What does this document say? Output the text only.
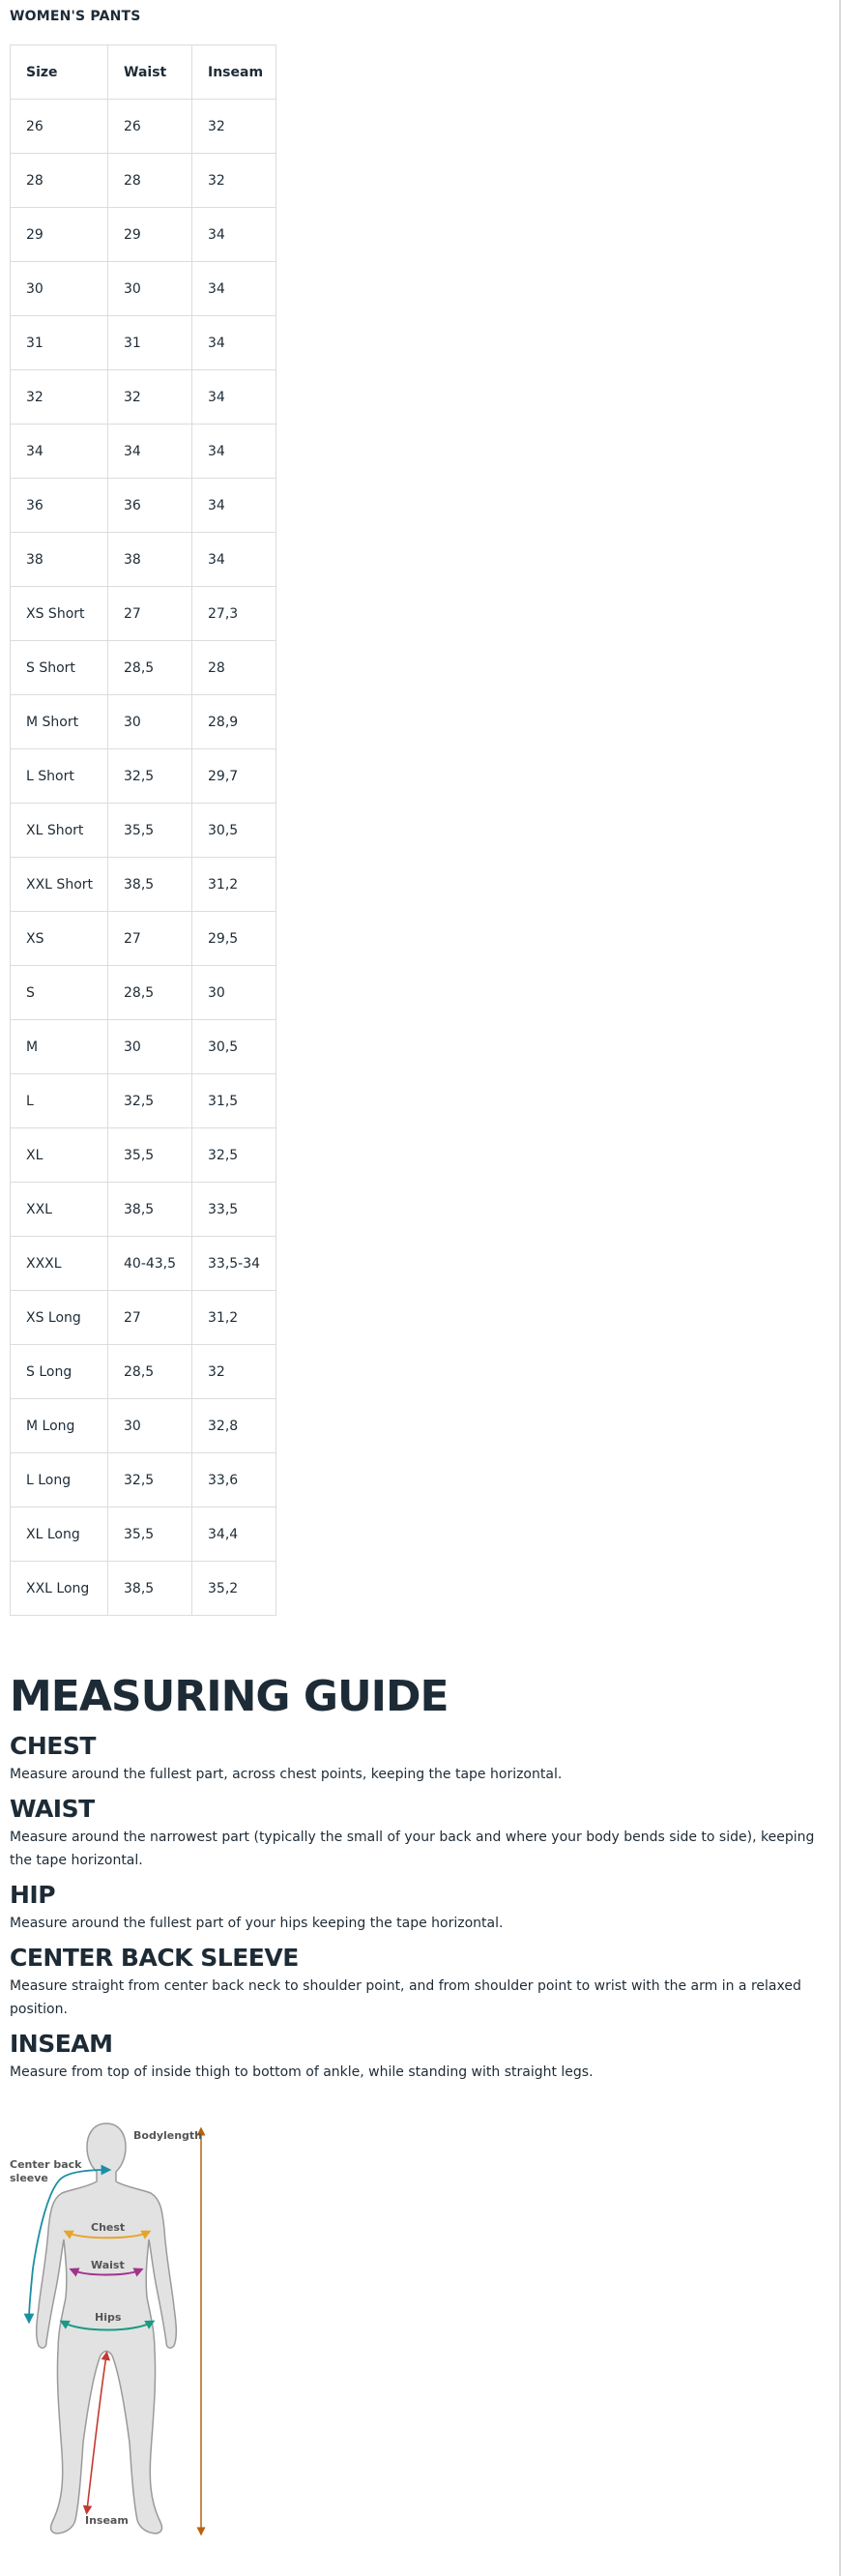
WOMEN'S PANTS
Size	Waist	Inseam
26	26	32
28	28	32
29	29	34
30	30	34
31	31	34
32	32	34
34	34	34
36	36	34
38	38	34
XS Short	27	27,3
S Short	28,5	28
M Short	30	28,9
L Short	32,5	29,7
XL Short	35,5	30,5
XXL Short	38,5	31,2
XS	27	29,5
S	28,5	30
M	30	30,5
L	32,5	31,5
XL	35,5	32,5
XXL	38,5	33,5
XXXL	40-43,5	33,5-34
XS Long	27	31,2
S Long	28,5	32
M Long	30	32,8
L Long	32,5	33,6
XL Long	35,5	34,4
XXL Long	38,5	35,2
MEASURING GUIDE
CHEST

Measure around the fullest part, across chest points, keeping the tape horizontal.

WAIST

Measure around the narrowest part (typically the small of your back and where your body bends side to side), keeping the tape horizontal.

HIP

Measure around the fullest part of your hips keeping the tape horizontal.

CENTER BACK SLEEVE

Measure straight from center back neck to shoulder point, and from shoulder point to wrist with the arm in a relaxed position.

INSEAM

Measure from top of inside thigh to bottom of ankle, while standing with straight legs.

Bodylength
Center back
sleeve
Chest
Waist
Hips
Inseam
